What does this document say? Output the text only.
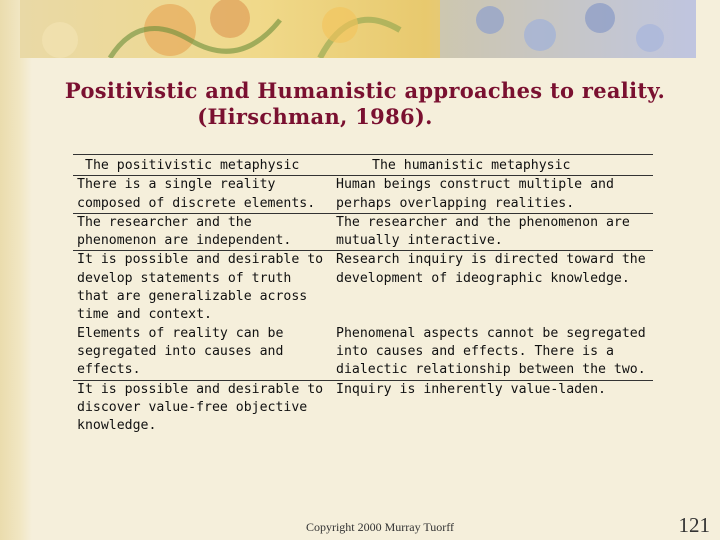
Positivistic and Humanistic approaches to reality.
(Hirschman, 1986).
The positivistic metaphysic	The humanistic metaphysic
There is a single reality composed of discrete elements.	Human beings construct multiple and perhaps overlapping realities.
The researcher and the phenomenon are independent.	The researcher and the phenomenon are mutually interactive.
It is possible and desirable to develop statements of truth that are generalizable across time and context.	Research inquiry is directed toward the development of ideographic knowledge.
Elements of reality can be segregated into causes and effects.	Phenomenal aspects cannot be segregated into causes and effects. There is a dialectic relationship between the two.
It is possible and desirable to discover value-free objective knowledge.	Inquiry is inherently value-laden.
Copyright 2000 Murray Tuorff	121
